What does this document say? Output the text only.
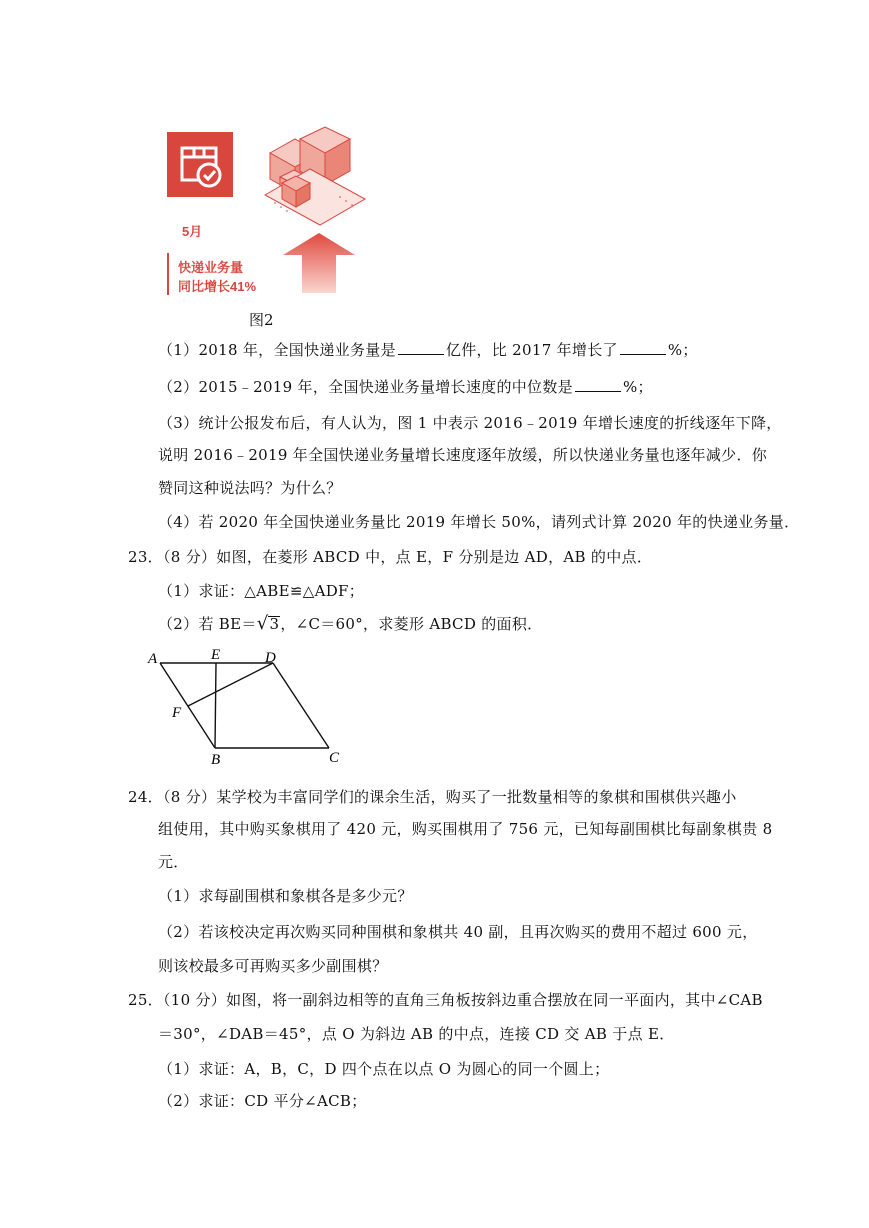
5月
快递业务量
同比增长41%
图2
（1）2018 年，全国快递业务量是	亿件，比 2017 年增长了	%；
（2）2015﹣2019 年，全国快递业务量增长速度的中位数是	%；
（3）统计公报发布后，有人认为，图 1 中表示 2016﹣2019 年增长速度的折线逐年下降，
说明 2016﹣2019 年全国快递业务量增长速度逐年放缓，所以快递业务量也逐年减少．你
赞同这种说法吗？为什么？
（4）若 2020 年全国快递业务量比 2019 年增长 50%，请列式计算 2020 年的快递业务量．
23．（8 分）如图，在菱形 ABCD 中，点 E，F 分别是边 AD，AB 的中点．
（1）求证：△ABE≌△ADF；
（2）若 BE＝ √ 3 ，∠C＝60°，求菱形 ABCD 的面积．
A	E	D
F
B	C
24．（8 分）某学校为丰富同学们的课余生活，购买了一批数量相等的象棋和围棋供兴趣小
组使用，其中购买象棋用了 420 元，购买围棋用了 756 元，已知每副围棋比每副象棋贵 8
元．
（1）求每副围棋和象棋各是多少元？
（2）若该校决定再次购买同种围棋和象棋共 40 副，且再次购买的费用不超过 600 元，
则该校最多可再购买多少副围棋？
25．（10 分）如图，将一副斜边相等的直角三角板按斜边重合摆放在同一平面内，其中∠CAB
＝30°，∠DAB＝45°，点 O 为斜边 AB 的中点，连接 CD 交 AB 于点 E．
（1）求证：A，B，C，D 四个点在以点 O 为圆心的同一个圆上；
（2）求证：CD 平分∠ACB；
